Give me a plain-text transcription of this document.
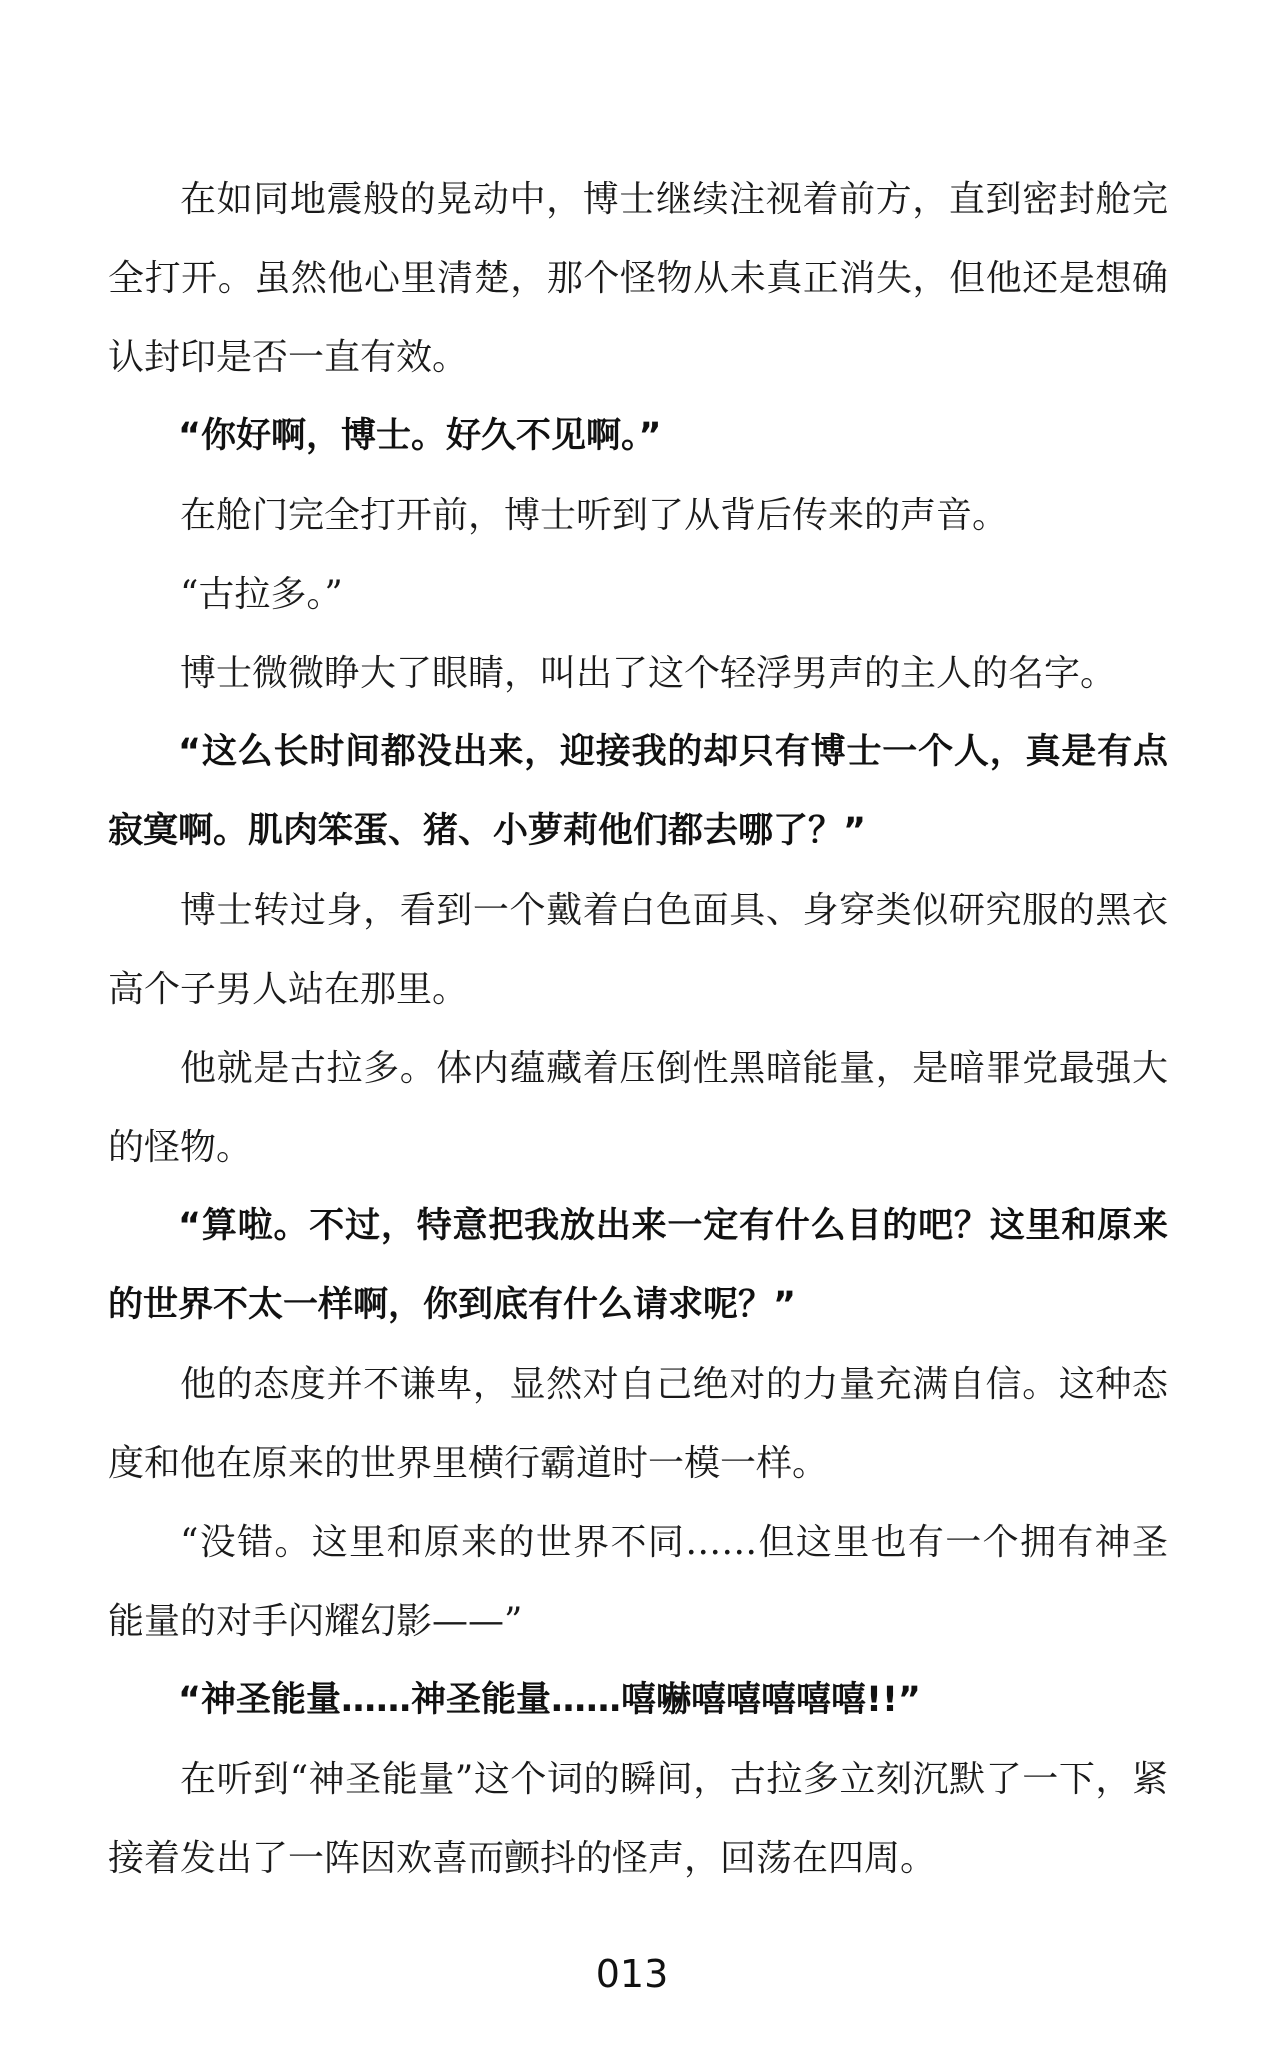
在如同地震般的晃动中，博士继续注视着前方，直到密封舱完全打开。虽然他心里清楚，那个怪物从未真正消失，但他还是想确认封印是否一直有效。

“你好啊，博士。好久不见啊。”

在舱门完全打开前，博士听到了从背后传来的声音。

“古拉多。”

博士微微睁大了眼睛，叫出了这个轻浮男声的主人的名字。

“这么长时间都没出来，迎接我的却只有博士一个人，真是有点寂寞啊。肌肉笨蛋、猪、小萝莉他们都去哪了？”

博士转过身，看到一个戴着白色面具、身穿类似研究服的黑衣高个子男人站在那里。

他就是古拉多。体内蕴藏着压倒性黑暗能量，是暗罪党最强大的怪物。

“算啦。不过，特意把我放出来一定有什么目的吧？这里和原来的世界不太一样啊，你到底有什么请求呢？”

他的态度并不谦卑，显然对自己绝对的力量充满自信。这种态度和他在原来的世界里横行霸道时一模一样。

“没错。这里和原来的世界不同……但这里也有一个拥有神圣能量的对手闪耀幻影——”

“神圣能量……神圣能量……嘻嚇嘻嘻嘻嘻嘻!!”

在听到“神圣能量”这个词的瞬间，古拉多立刻沉默了一下，紧接着发出了一阵因欢喜而颤抖的怪声，回荡在四周。

013
